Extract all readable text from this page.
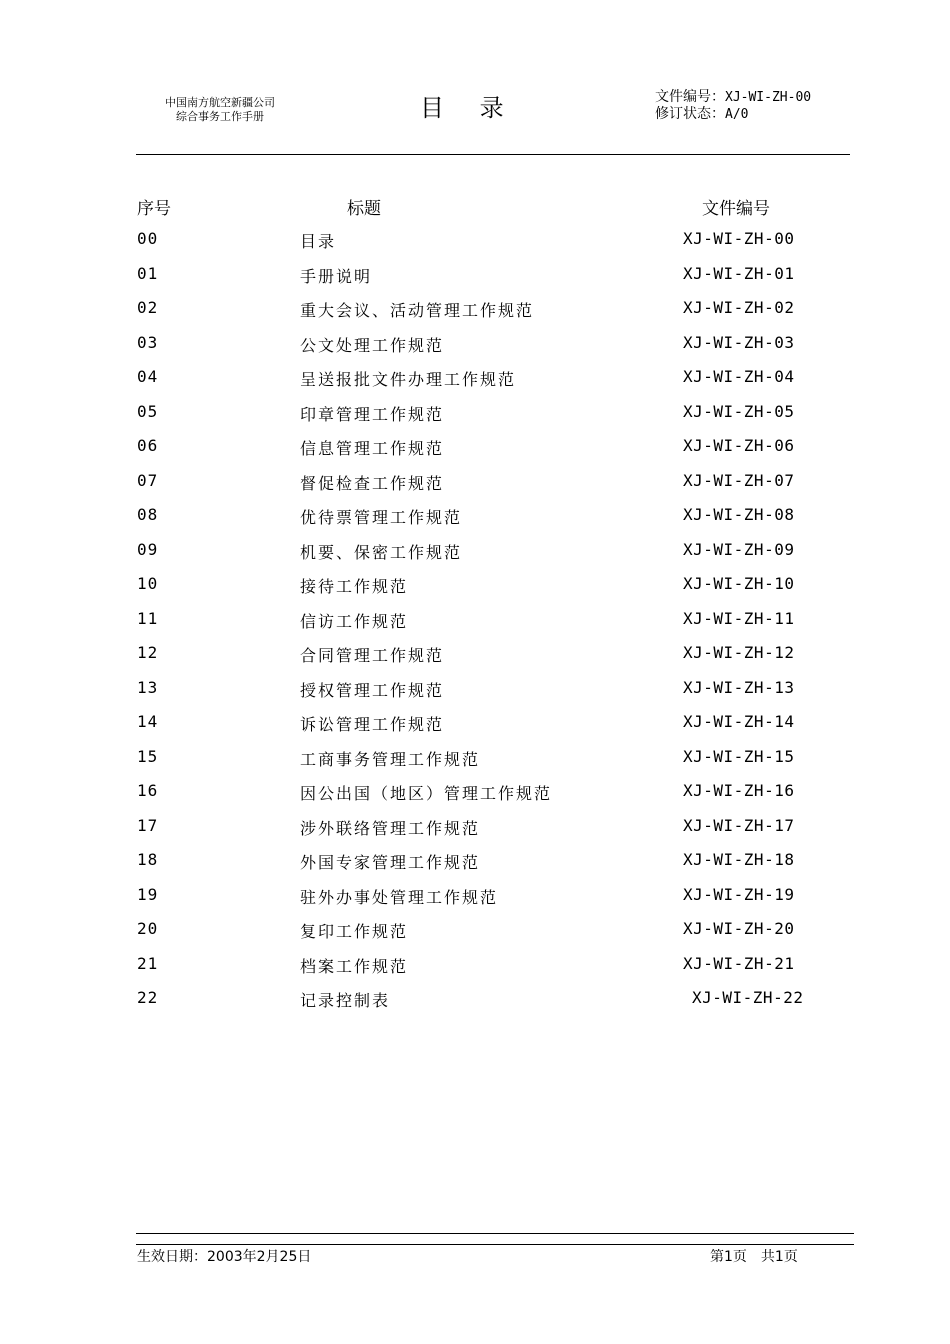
中国南方航空新疆公司
综合事务工作手册	目 录	文件编号：XJ-WI-ZH-00
修订状态：A/0
序号	标题	文件编号
00	目录	XJ-WI-ZH-00
01	手册说明	XJ-WI-ZH-01
02	重大会议、活动管理工作规范	XJ-WI-ZH-02
03	公文处理工作规范	XJ-WI-ZH-03
04	呈送报批文件办理工作规范	XJ-WI-ZH-04
05	印章管理工作规范	XJ-WI-ZH-05
06	信息管理工作规范	XJ-WI-ZH-06
07	督促检查工作规范	XJ-WI-ZH-07
08	优待票管理工作规范	XJ-WI-ZH-08
09	机要、保密工作规范	XJ-WI-ZH-09
10	接待工作规范	XJ-WI-ZH-10
11	信访工作规范	XJ-WI-ZH-11
12	合同管理工作规范	XJ-WI-ZH-12
13	授权管理工作规范	XJ-WI-ZH-13
14	诉讼管理工作规范	XJ-WI-ZH-14
15	工商事务管理工作规范	XJ-WI-ZH-15
16	因公出国（地区）管理工作规范	XJ-WI-ZH-16
17	涉外联络管理工作规范	XJ-WI-ZH-17
18	外国专家管理工作规范	XJ-WI-ZH-18
19	驻外办事处管理工作规范	XJ-WI-ZH-19
20	复印工作规范	XJ-WI-ZH-20
21	档案工作规范	XJ-WI-ZH-21
22	记录控制表	XJ-WI-ZH-22
生效日期：2003年2月25日	第1页　共1页
